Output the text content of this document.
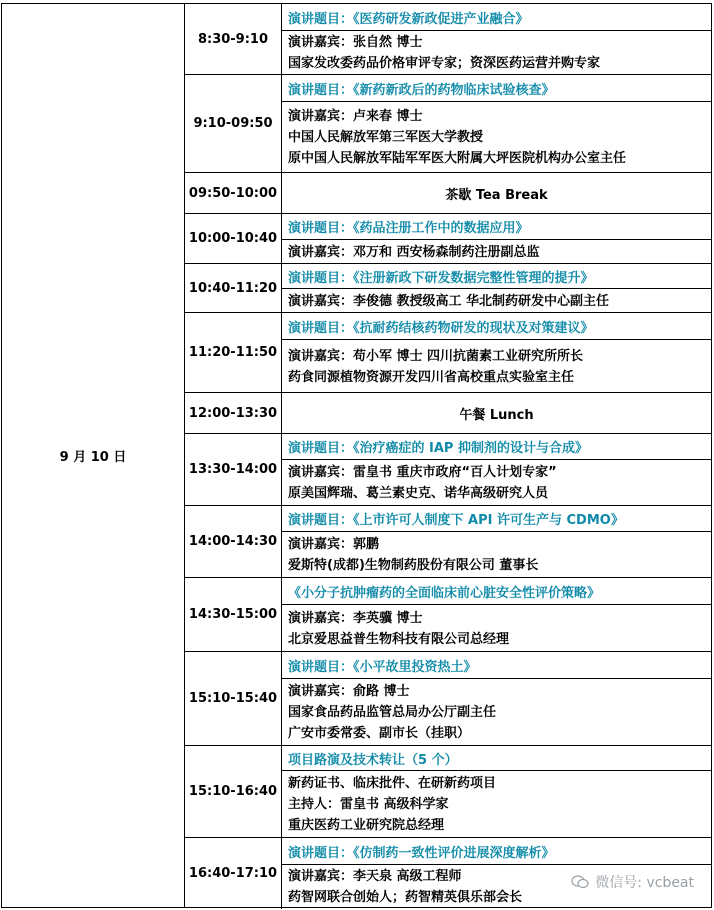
9 月 10 日
8:30-9:10
演讲题目：《医药研发新政促进产业融合》
演讲嘉宾：张自然 博士
国家发改委药品价格审评专家；资深医药运营并购专家
9:10-09:50
演讲题目：《新药新政后的药物临床试验核查》
演讲嘉宾：卢来春 博士
中国人民解放军第三军医大学教授
原中国人民解放军陆军军医大附属大坪医院机构办公室主任
09:50-10:00	茶歇 Tea Break
10:00-10:40
演讲题目：《药品注册工作中的数据应用》
演讲嘉宾：邓万和 西安杨森制药注册副总监
10:40-11:20
演讲题目：《注册新政下研发数据完整性管理的提升》
演讲嘉宾：李俊德 教授级高工 华北制药研发中心副主任
11:20-11:50
演讲题目：《抗耐药结核药物研发的现状及对策建议》
演讲嘉宾：苟小军 博士 四川抗菌素工业研究所所长
药食同源植物资源开发四川省高校重点实验室主任
12:00-13:30	午餐 Lunch
13:30-14:00
演讲题目：《治疗癌症的 IAP 抑制剂的设计与合成》
演讲嘉宾：雷皇书 重庆市政府“百人计划专家”
原美国辉瑞、葛兰素史克、诺华高级研究人员
14:00-14:30
演讲题目：《上市许可人制度下 API 许可生产与 CDMO》
演讲嘉宾：郭鹏
爱斯特(成都)生物制药股份有限公司 董事长
14:30-15:00
《小分子抗肿瘤药的全面临床前心脏安全性评价策略》
演讲嘉宾：李英骥 博士
北京爱思益普生物科技有限公司总经理
15:10-15:40
演讲题目：《小平故里投资热土》
演讲嘉宾：俞路 博士
国家食品药品监管总局办公厅副主任
广安市委常委、副市长（挂职）
15:10-16:40
项目路演及技术转让（5 个）
新药证书、临床批件、在研新药项目
主持人：雷皇书 高级科学家
重庆医药工业研究院总经理
16:40-17:10
演讲题目：《仿制药一致性评价进展深度解析》
演讲嘉宾：李天泉 高级工程师
药智网联合创始人；药智精英俱乐部会长
微信号: vcbeat
